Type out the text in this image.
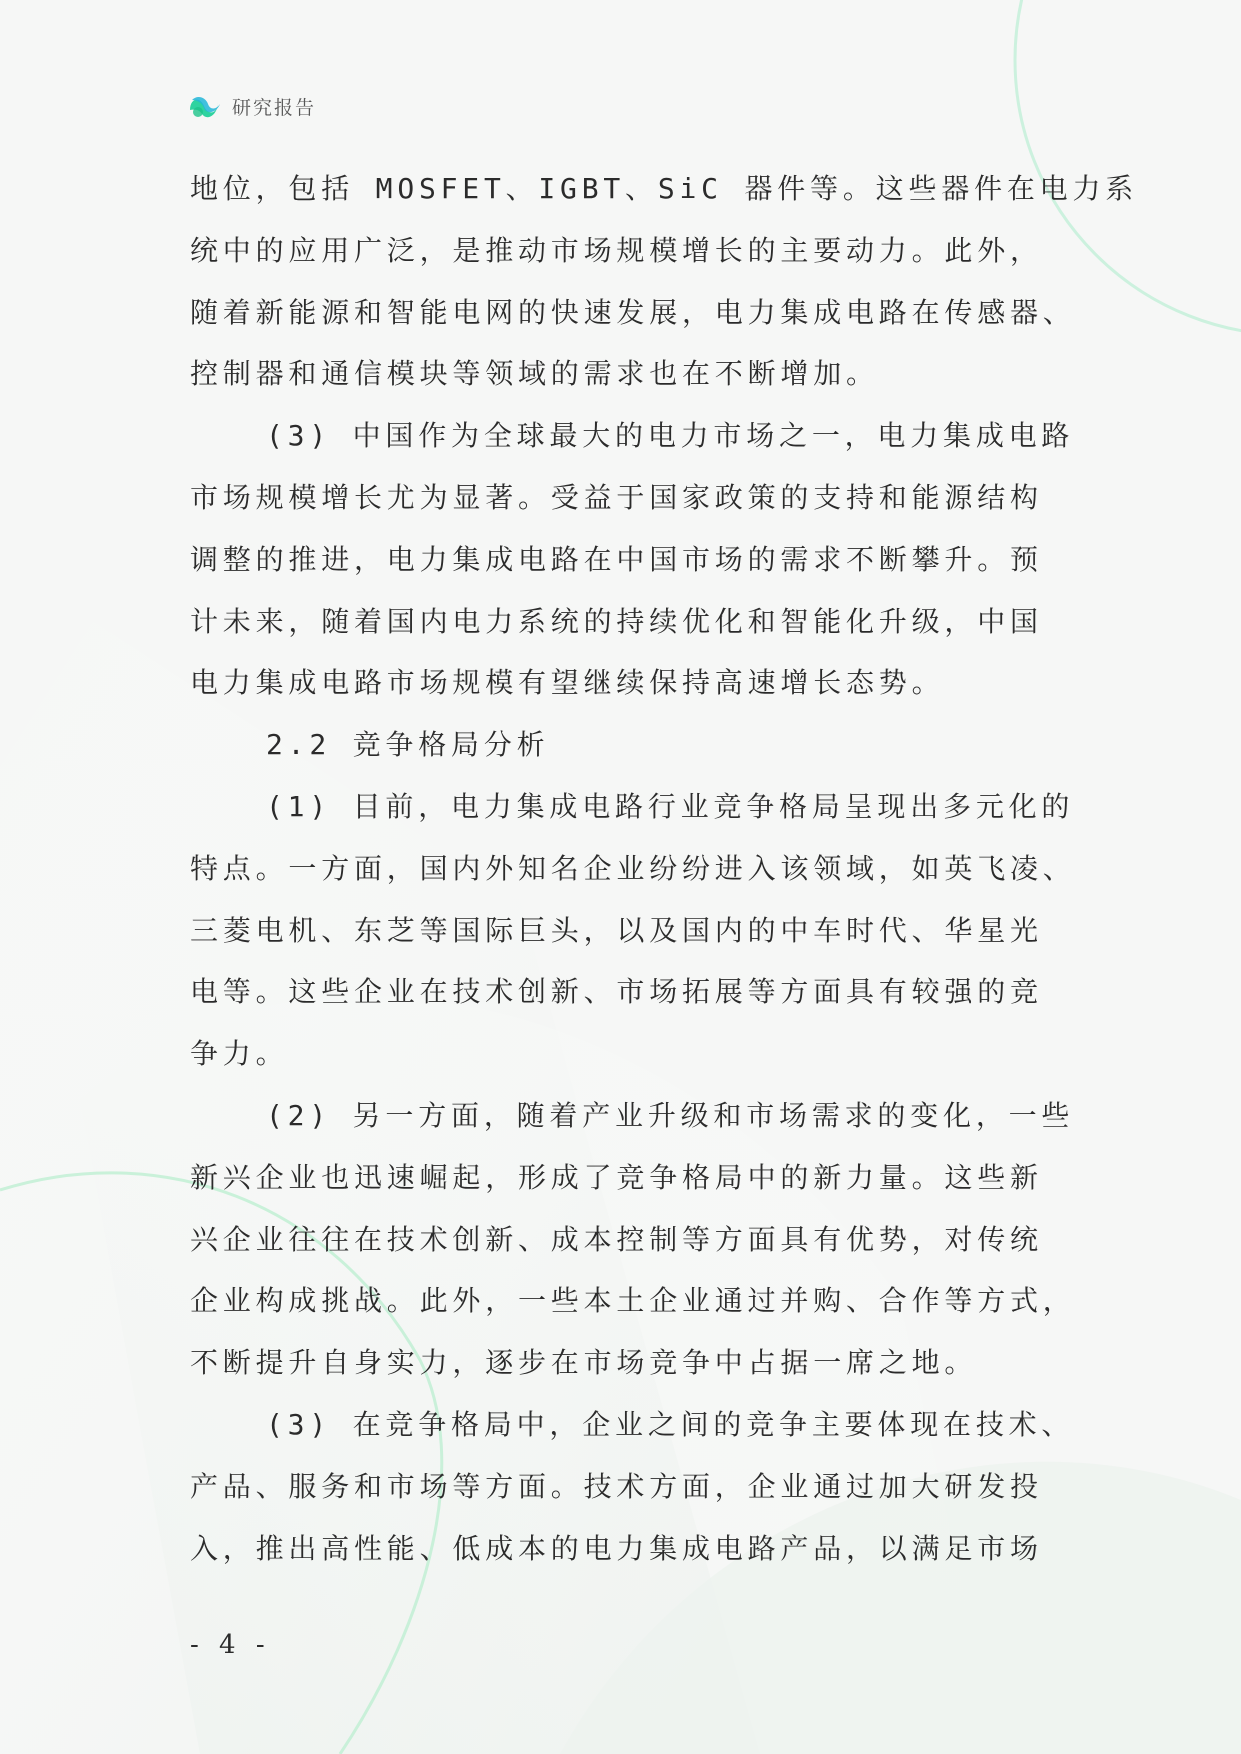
研究报告
地位，包括 MOSFET、IGBT、SiC 器件等。这些器件在电力系
统中的应用广泛，是推动市场规模增长的主要动力。此外，
随着新能源和智能电网的快速发展，电力集成电路在传感器、
控制器和通信模块等领域的需求也在不断增加。
(3) 中国作为全球最大的电力市场之一，电力集成电路
市场规模增长尤为显著。受益于国家政策的支持和能源结构
调整的推进，电力集成电路在中国市场的需求不断攀升。预
计未来，随着国内电力系统的持续优化和智能化升级，中国
电力集成电路市场规模有望继续保持高速增长态势。
2.2 竞争格局分析
(1) 目前，电力集成电路行业竞争格局呈现出多元化的
特点。一方面，国内外知名企业纷纷进入该领域，如英飞凌、
三菱电机、东芝等国际巨头，以及国内的中车时代、华星光
电等。这些企业在技术创新、市场拓展等方面具有较强的竞
争力。
(2) 另一方面，随着产业升级和市场需求的变化，一些
新兴企业也迅速崛起，形成了竞争格局中的新力量。这些新
兴企业往往在技术创新、成本控制等方面具有优势，对传统
企业构成挑战。此外，一些本土企业通过并购、合作等方式，
不断提升自身实力，逐步在市场竞争中占据一席之地。
(3) 在竞争格局中，企业之间的竞争主要体现在技术、
产品、服务和市场等方面。技术方面，企业通过加大研发投
入，推出高性能、低成本的电力集成电路产品，以满足市场
- 4 -
